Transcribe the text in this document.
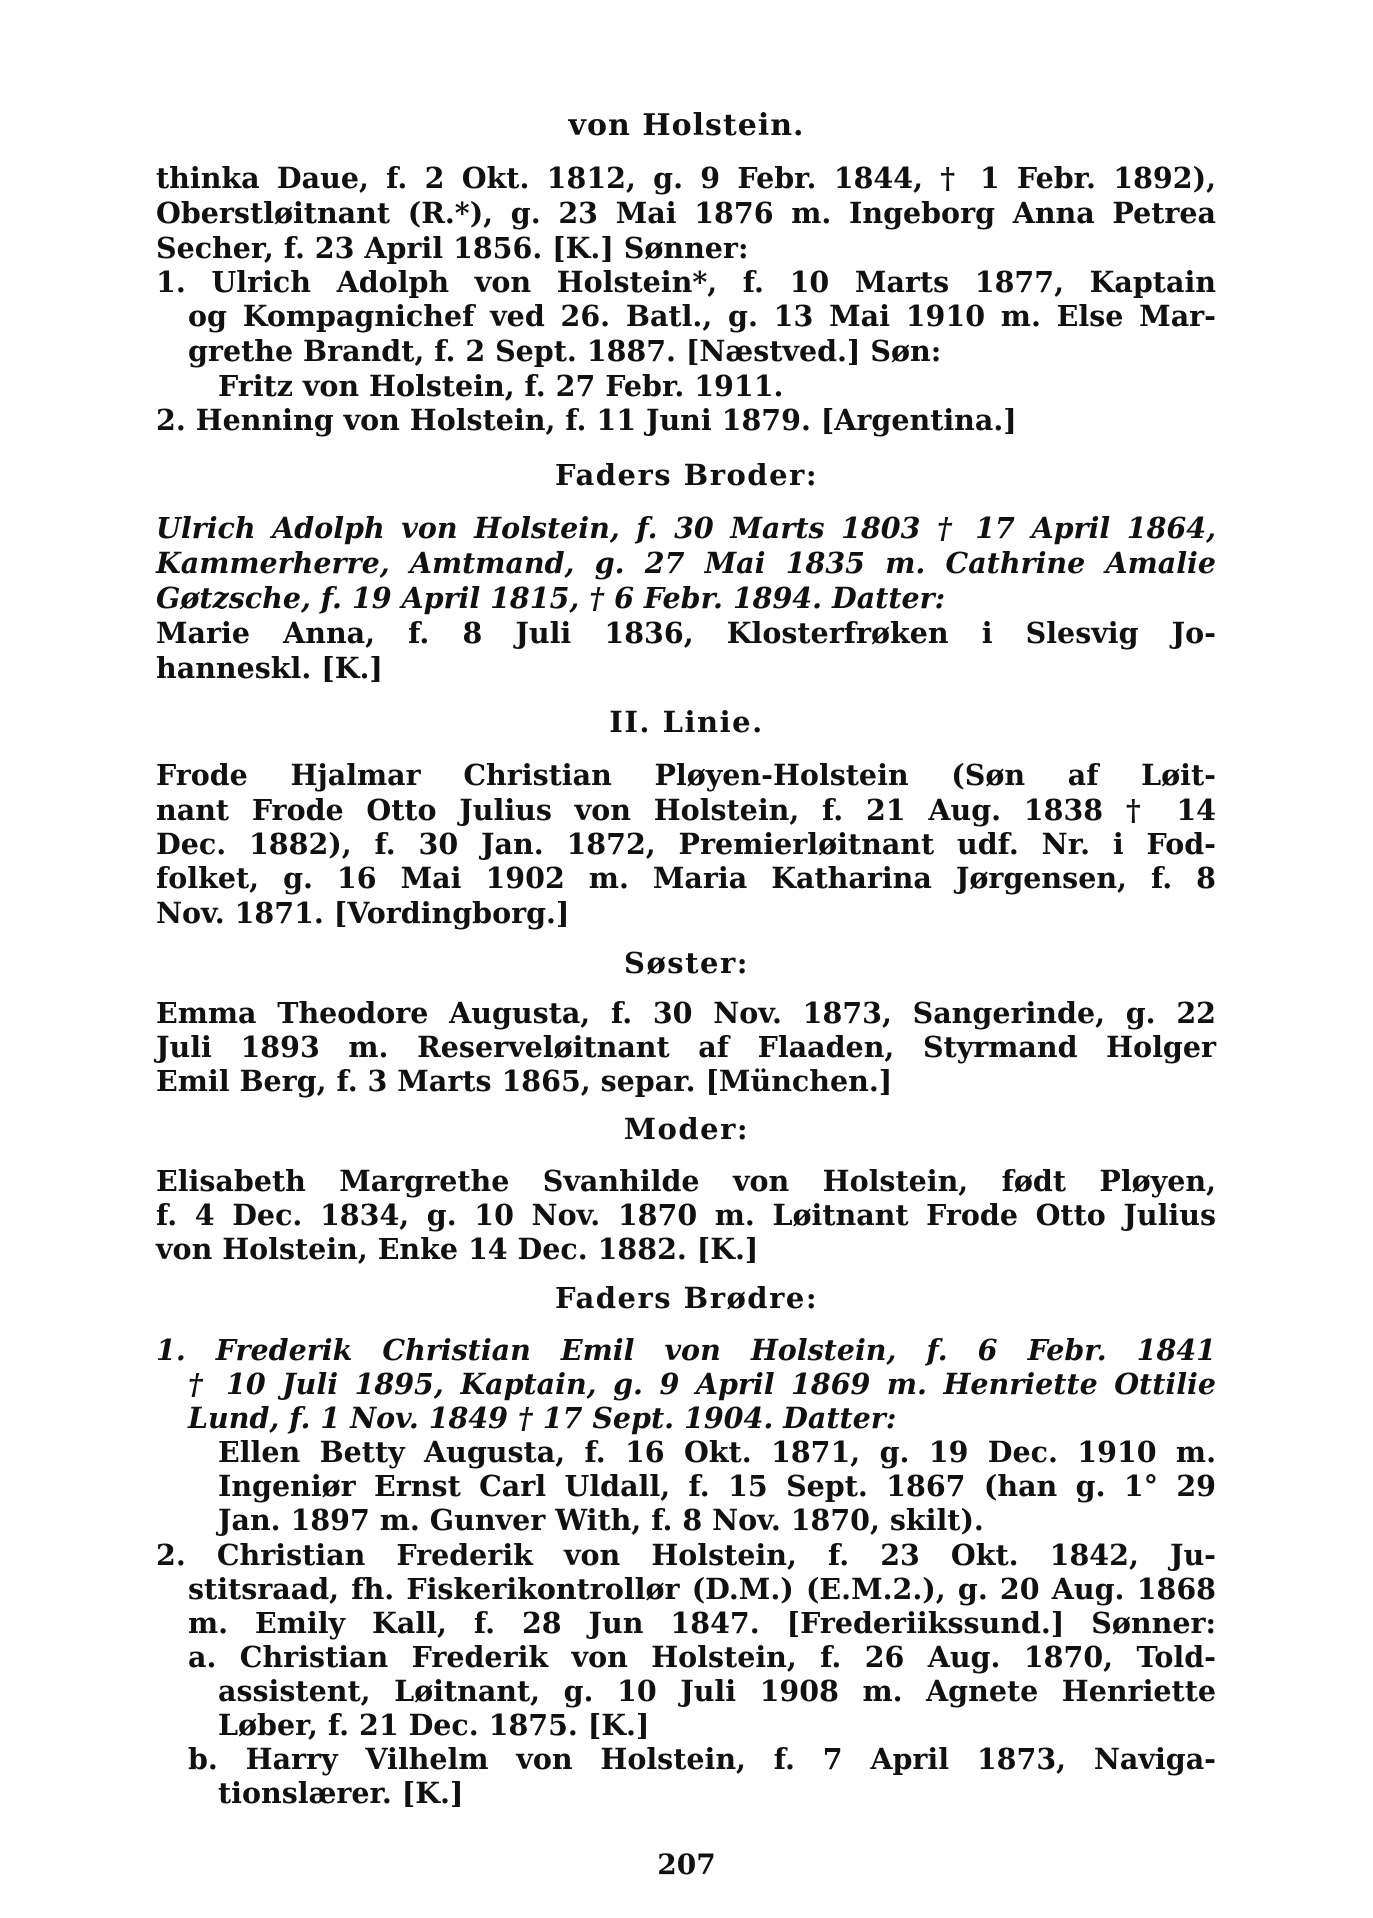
von Holstein.
thinka Daue, f. 2 Okt. 1812, g. 9 Febr. 1844, † 1 Febr. 1892),
Oberstløitnant (R.*), g. 23 Mai 1876 m. Ingeborg Anna Petrea
Secher, f. 23 April 1856. [K.] Sønner:
1. Ulrich Adolph von Holstein*, f. 10 Marts 1877, Kaptain
og Kompagnichef ved 26. Batl., g. 13 Mai 1910 m. Else Mar-
grethe Brandt, f. 2 Sept. 1887. [Næstved.] Søn:
Fritz von Holstein, f. 27 Febr. 1911.
2. Henning von Holstein, f. 11 Juni 1879. [Argentina.]
Faders Broder:
Ulrich Adolph von Holstein, f. 30 Marts 1803 † 17 April 1864,
Kammerherre, Amtmand, g. 27 Mai 1835 m. Cathrine Amalie
Gøtzsche, f. 19 April 1815, † 6 Febr. 1894. Datter:
Marie Anna, f. 8 Juli 1836, Klosterfrøken i Slesvig Jo-
hanneskl. [K.]
II. Linie.
Frode Hjalmar Christian Pløyen-Holstein (Søn af Løit-
nant Frode Otto Julius von Holstein, f. 21 Aug. 1838 † 14
Dec. 1882), f. 30 Jan. 1872, Premierløitnant udf. Nr. i Fod-
folket, g. 16 Mai 1902 m. Maria Katharina Jørgensen, f. 8
Nov. 1871. [Vordingborg.]
Søster:
Emma Theodore Augusta, f. 30 Nov. 1873, Sangerinde, g. 22
Juli 1893 m. Reserveløitnant af Flaaden, Styrmand Holger
Emil Berg, f. 3 Marts 1865, separ. [München.]
Moder:
Elisabeth Margrethe Svanhilde von Holstein, født Pløyen,
f. 4 Dec. 1834, g. 10 Nov. 1870 m. Løitnant Frode Otto Julius
von Holstein, Enke 14 Dec. 1882. [K.]
Faders Brødre:
1. Frederik Christian Emil von Holstein, f. 6 Febr. 1841
† 10 Juli 1895, Kaptain, g. 9 April 1869 m. Henriette Ottilie
Lund, f. 1 Nov. 1849 † 17 Sept. 1904. Datter:
Ellen Betty Augusta, f. 16 Okt. 1871, g. 19 Dec. 1910 m.
Ingeniør Ernst Carl Uldall, f. 15 Sept. 1867 (han g. 1° 29
Jan. 1897 m. Gunver With, f. 8 Nov. 1870, skilt).
2. Christian Frederik von Holstein, f. 23 Okt. 1842, Ju-
stitsraad, fh. Fiskerikontrollør (D.M.) (E.M.2.), g. 20 Aug. 1868
m. Emily Kall, f. 28 Jun 1847. [Frederiikssund.] Sønner:
a. Christian Frederik von Holstein, f. 26 Aug. 1870, Told-
assistent, Løitnant, g. 10 Juli 1908 m. Agnete Henriette
Løber, f. 21 Dec. 1875. [K.]
b. Harry Vilhelm von Holstein, f. 7 April 1873, Naviga-
tionslærer. [K.]
207
